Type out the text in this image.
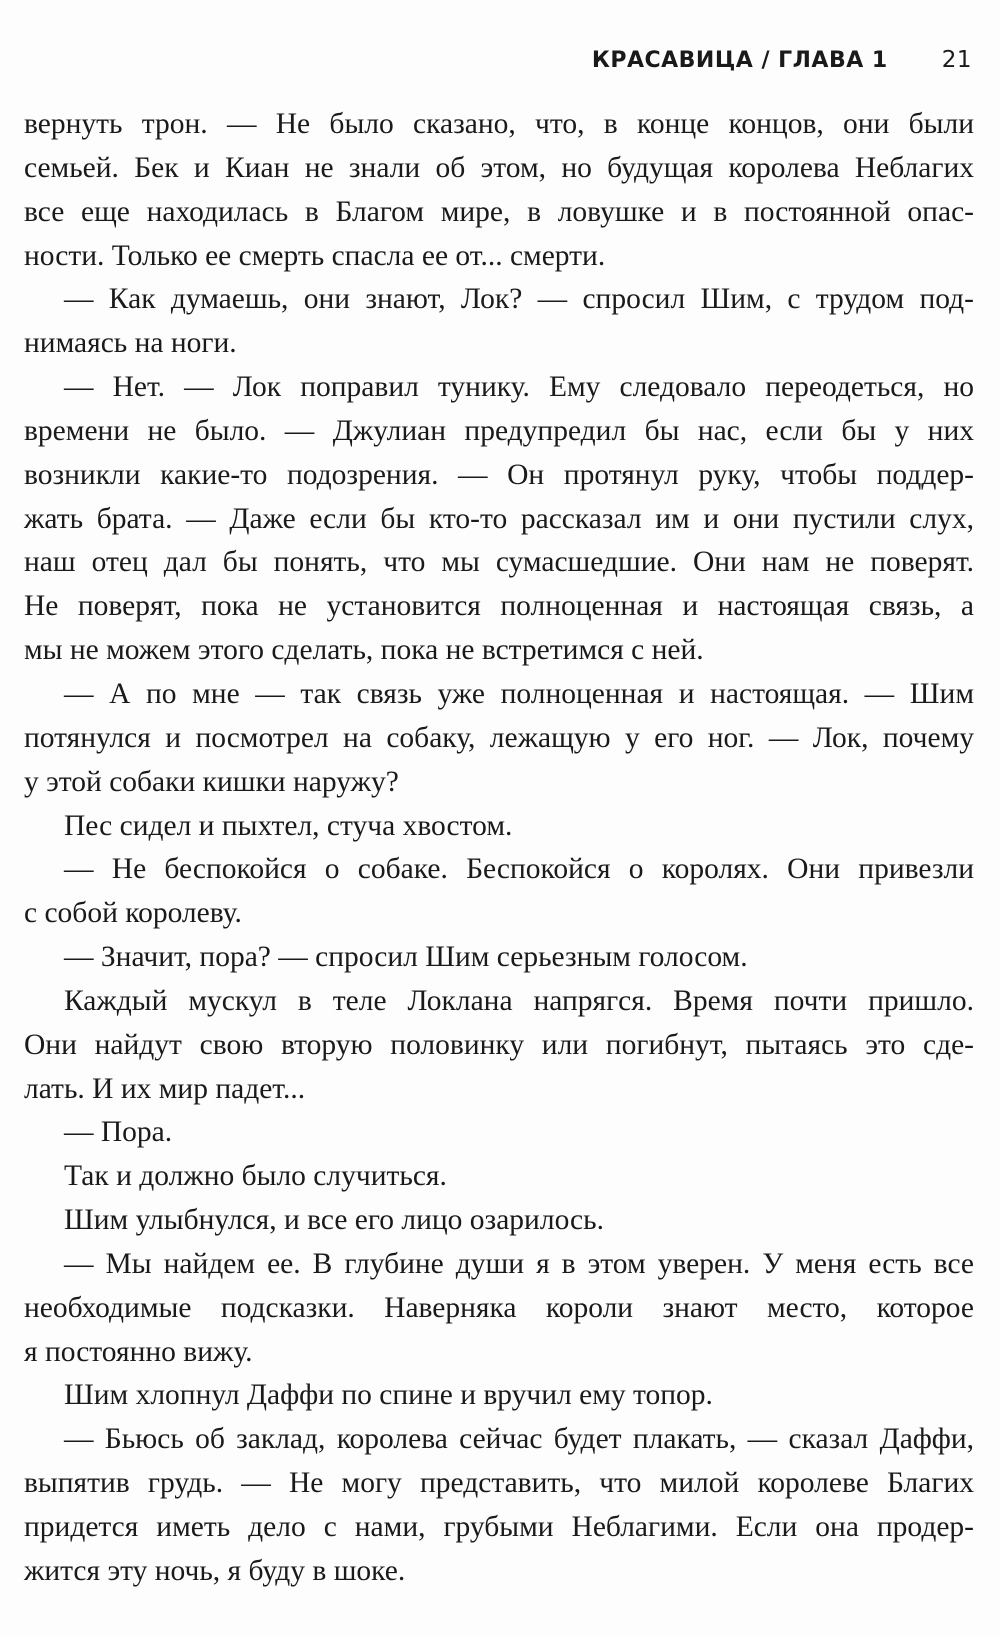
КРАСАВИЦА / ГЛАВА 1 21
вернуть трон. — Не было сказано, что, в конце концов, они были
семьей. Бек и Киан не знали об этом, но будущая королева Неблагих
все еще находилась в Благом мире, в ловушке и в постоянной опас-
ности. Только ее смерть спасла ее от... смерти.
— Как думаешь, они знают, Лок? — спросил Шим, с трудом под-
нимаясь на ноги.
— Нет. — Лок поправил тунику. Ему следовало переодеться, но
времени не было. — Джулиан предупредил бы нас, если бы у них
возникли какие-то подозрения. — Он протянул руку, чтобы поддер-
жать брата. — Даже если бы кто-то рассказал им и они пустили слух,
наш отец дал бы понять, что мы сумасшедшие. Они нам не поверят.
Не поверят, пока не установится полноценная и настоящая связь, а
мы не можем этого сделать, пока не встретимся с ней.
— А по мне — так связь уже полноценная и настоящая. — Шим
потянулся и посмотрел на собаку, лежащую у его ног. — Лок, почему
у этой собаки кишки наружу?
Пес сидел и пыхтел, стуча хвостом.
— Не беспокойся о собаке. Беспокойся о королях. Они привезли
с собой королеву.
— Значит, пора? — спросил Шим серьезным голосом.
Каждый мускул в теле Локлана напрягся. Время почти пришло.
Они найдут свою вторую половинку или погибнут, пытаясь это сде-
лать. И их мир падет...
— Пора.
Так и должно было случиться.
Шим улыбнулся, и все его лицо озарилось.
— Мы найдем ее. В глубине души я в этом уверен. У меня есть все
необходимые подсказки. Наверняка короли знают место, которое
я постоянно вижу.
Шим хлопнул Даффи по спине и вручил ему топор.
— Бьюсь об заклад, королева сейчас будет плакать, — сказал Даффи,
выпятив грудь. — Не могу представить, что милой королеве Благих
придется иметь дело с нами, грубыми Неблагими. Если она продер-
жится эту ночь, я буду в шоке.
